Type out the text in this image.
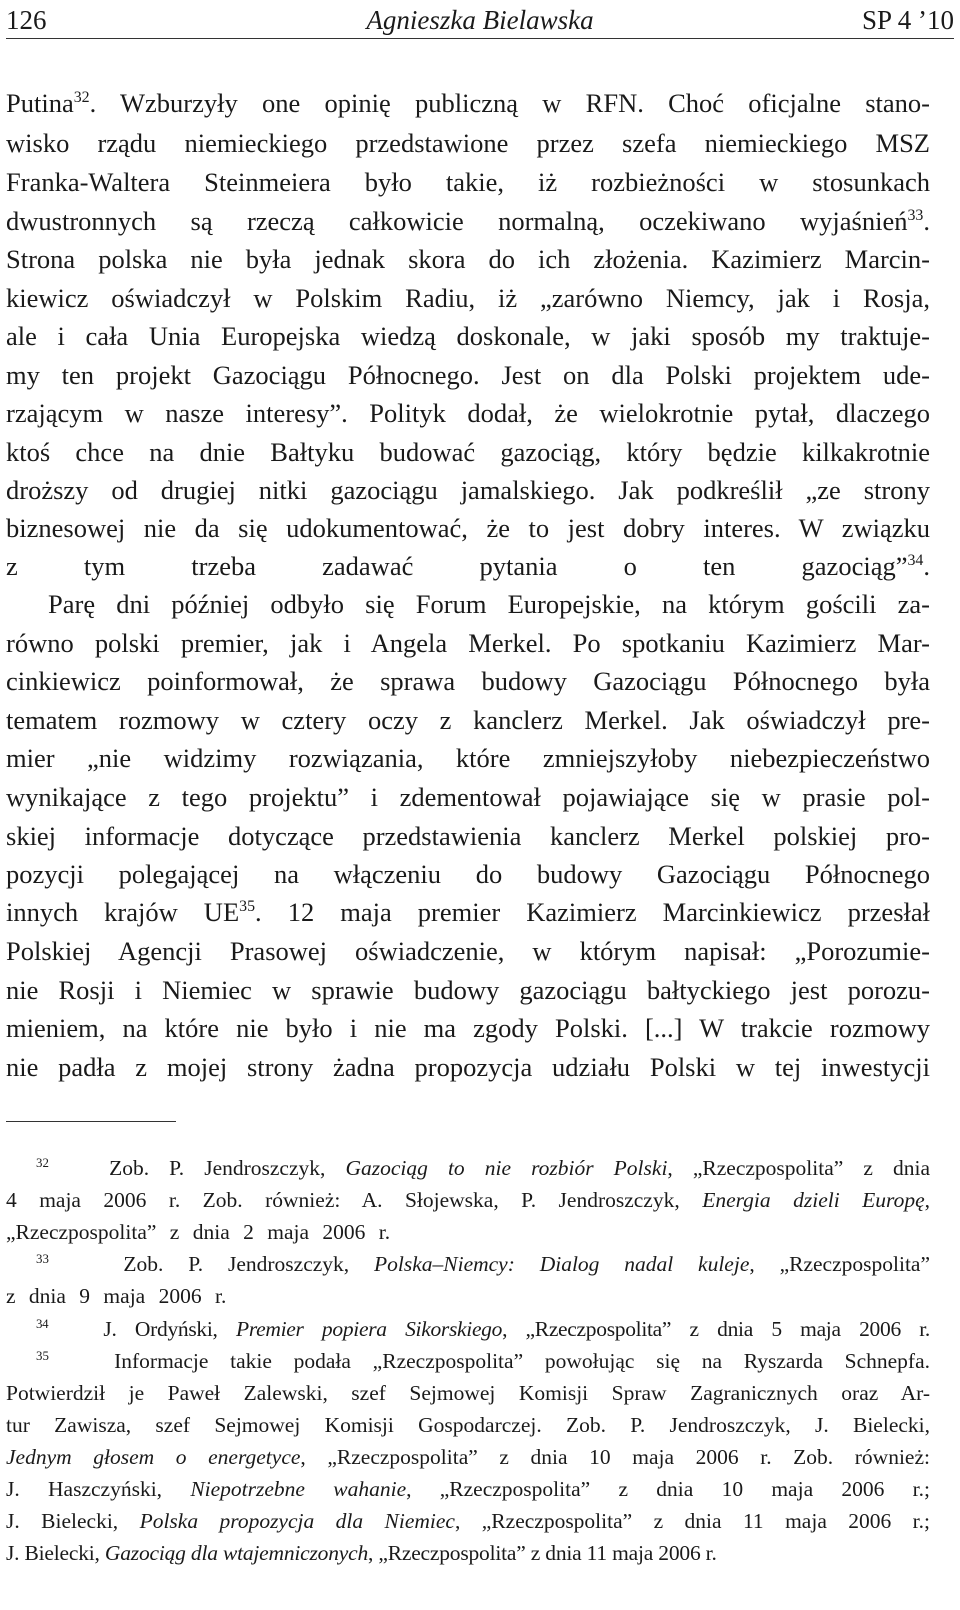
126	Agnieszka Bielawska	SP 4 ’10
Putina$^{32}$. Wzburzyły one opinię publiczną w RFN. Choć oficjalne stano-
wisko rządu niemieckiego przedstawione przez szefa niemieckiego MSZ
Franka-Waltera Steinmeiera było takie, iż rozbieżności w stosunkach
dwustronnych są rzeczą całkowicie normalną, oczekiwano wyjaśnień$^{33}$.
Strona polska nie była jednak skora do ich złożenia. Kazimierz Marcin-
kiewicz oświadczył w Polskim Radiu, iż „zarówno Niemcy, jak i Rosja,
ale i cała Unia Europejska wiedzą doskonale, w jaki sposób my traktuje-
my ten projekt Gazociągu Północnego. Jest on dla Polski projektem ude-
rzającym w nasze interesy”. Polityk dodał, że wielokrotnie pytał, dlaczego
ktoś chce na dnie Bałtyku budować gazociąg, który będzie kilkakrotnie
droższy od drugiej nitki gazociągu jamalskiego. Jak podkreślił „ze strony
biznesowej nie da się udokumentować, że to jest dobry interes. W związku
z tym trzeba zadawać pytania o ten gazociąg”$^{34}$.
Parę dni później odbyło się Forum Europejskie, na którym gościli za-
równo polski premier, jak i Angela Merkel. Po spotkaniu Kazimierz Mar-
cinkiewicz poinformował, że sprawa budowy Gazociągu Północnego była
tematem rozmowy w cztery oczy z kanclerz Merkel. Jak oświadczył pre-
mier „nie widzimy rozwiązania, które zmniejszyłoby niebezpieczeństwo
wynikające z tego projektu” i zdementował pojawiające się w prasie pol-
skiej informacje dotyczące przedstawienia kanclerz Merkel polskiej pro-
pozycji polegającej na włączeniu do budowy Gazociągu Północnego
innych krajów UE$^{35}$. 12 maja premier Kazimierz Marcinkiewicz przesłał
Polskiej Agencji Prasowej oświadczenie, w którym napisał: „Porozumie-
nie Rosji i Niemiec w sprawie budowy gazociągu bałtyckiego jest porozu-
mieniem, na które nie było i nie ma zgody Polski. [...] W trakcie rozmowy
nie padła z mojej strony żadna propozycja udziału Polski w tej inwestycji
$^{32}$	Zob. P. Jendroszczyk, Gazociąg to nie rozbiór Polski, „Rzeczpospolita” z dnia
4 maja 2006 r. Zob. również: A. Słojewska, P. Jendroszczyk, Energia dzieli Europę,
„Rzeczpospolita” z dnia 2 maja 2006 r.
$^{33}$	Zob. P. Jendroszczyk, Polska–Niemcy: Dialog nadal kuleje, „Rzeczpospolita”
z dnia 9 maja 2006 r.
$^{34}$	J. Ordyński, Premier popiera Sikorskiego, „Rzeczpospolita” z dnia 5 maja 2006 r.
$^{35}$	Informacje takie podała „Rzeczpospolita” powołując się na Ryszarda Schnepfa.
Potwierdził je Paweł Zalewski, szef Sejmowej Komisji Spraw Zagranicznych oraz Ar-
tur Zawisza, szef Sejmowej Komisji Gospodarczej. Zob. P. Jendroszczyk, J. Bielecki,
Jednym głosem o energetyce, „Rzeczpospolita” z dnia 10 maja 2006 r. Zob. również:
J. Haszczyński, Niepotrzebne wahanie, „Rzeczpospolita” z dnia 10 maja 2006 r.;
J. Bielecki, Polska propozycja dla Niemiec, „Rzeczpospolita” z dnia 11 maja 2006 r.;
J. Bielecki, Gazociąg dla wtajemniczonych, „Rzeczpospolita” z dnia 11 maja 2006 r.
